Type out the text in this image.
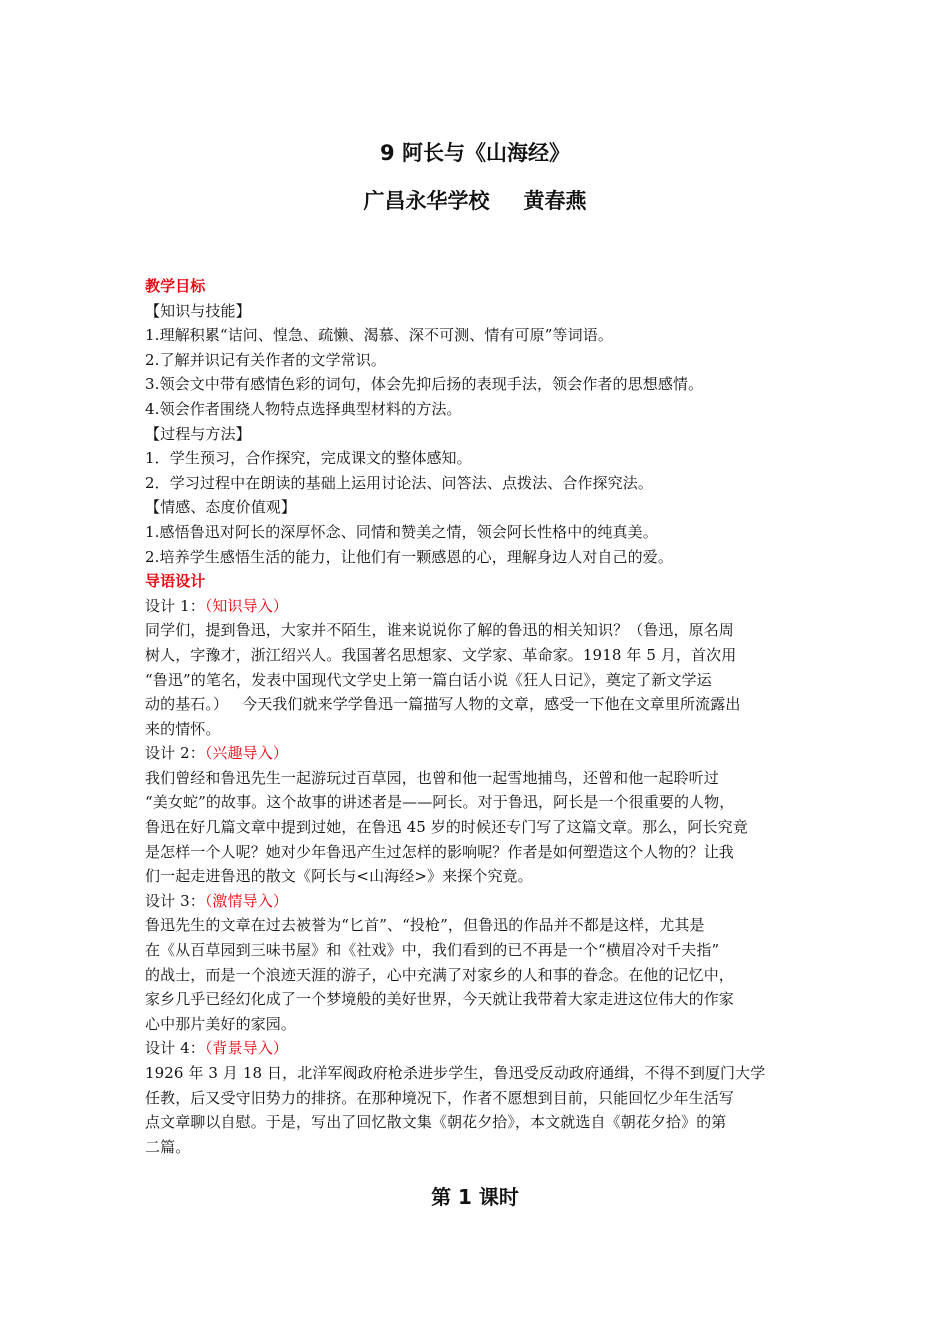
9 阿长与《山海经》
广昌永华学校 黄春燕

教学目标

【知识与技能】

1.理解积累“诘问、惶急、疏懒、渴慕、深不可测、情有可原”等词语。

2.了解并识记有关作者的文学常识。

3.领会文中带有感情色彩的词句，体会先抑后扬的表现手法，领会作者的思想感情。

4.领会作者围绕人物特点选择典型材料的方法。

【过程与方法】

1．学生预习，合作探究，完成课文的整体感知。

2．学习过程中在朗读的基础上运用讨论法、问答法、点拨法、合作探究法。

【情感、态度价值观】

1.感悟鲁迅对阿长的深厚怀念、同情和赞美之情，领会阿长性格中的纯真美。

2.培养学生感悟生活的能力，让他们有一颗感恩的心，理解身边人对自己的爱。

导语设计

设计 1：（知识导入）

同学们，提到鲁迅，大家并不陌生，谁来说说你了解的鲁迅的相关知识？（鲁迅，原名周

树人，字豫才，浙江绍兴人。我国著名思想家、文学家、革命家。1918 年 5 月，首次用

“鲁迅”的笔名，发表中国现代文学史上第一篇白话小说《狂人日记》，奠定了新文学运

动的基石。） 今天我们就来学学鲁迅一篇描写人物的文章，感受一下他在文章里所流露出

来的情怀。

设计 2：（兴趣导入）

我们曾经和鲁迅先生一起游玩过百草园，也曾和他一起雪地捕鸟，还曾和他一起聆听过

“美女蛇”的故事。这个故事的讲述者是——阿长。对于鲁迅，阿长是一个很重要的人物，

鲁迅在好几篇文章中提到过她，在鲁迅 45 岁的时候还专门写了这篇文章。那么，阿长究竟

是怎样一个人呢？她对少年鲁迅产生过怎样的影响呢？作者是如何塑造这个人物的？让我

们一起走进鲁迅的散文《阿长与<山海经>》来探个究竟。

设计 3：（激情导入）

鲁迅先生的文章在过去被誉为“匕首”、“投枪”，但鲁迅的作品并不都是这样，尤其是

在《从百草园到三味书屋》和《社戏》中，我们看到的已不再是一个“横眉冷对千夫指”

的战士，而是一个浪迹天涯的游子，心中充满了对家乡的人和事的眷念。在他的记忆中，

家乡几乎已经幻化成了一个梦境般的美好世界，今天就让我带着大家走进这位伟大的作家

心中那片美好的家园。

设计 4：（背景导入）

1926 年 3 月 18 日，北洋军阀政府枪杀进步学生，鲁迅受反动政府通缉，不得不到厦门大学

任教，后又受守旧势力的排挤。在那种境况下，作者不愿想到目前，只能回忆少年生活写

点文章聊以自慰。于是，写出了回忆散文集《朝花夕拾》，本文就选自《朝花夕拾》的第

二篇。

第 1 课时
